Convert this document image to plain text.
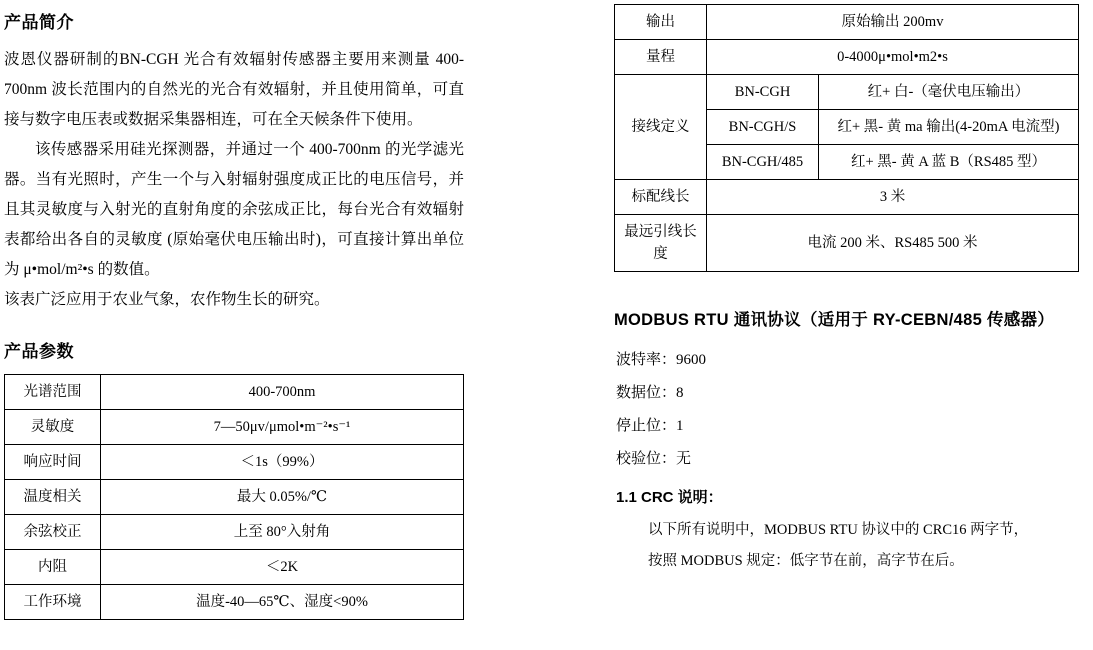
产品简介

波恩仪器研制的BN-CGH 光合有效辐射传感器主要用来测量 400-700nm 波长范围内的自然光的光合有效辐射，并且使用简单，可直接与数字电压表或数据采集器相连，可在全天候条件下使用。

该传感器采用硅光探测器，并通过一个 400-700nm 的光学滤光器。当有光照时，产生一个与入射辐射强度成正比的电压信号，并且其灵敏度与入射光的直射角度的余弦成正比，每台光合有效辐射表都给出各自的灵敏度 (原始毫伏电压输出时)，可直接计算出单位为 μ•mol/m²•s 的数值。

该表广泛应用于农业气象，农作物生长的研究。

产品参数
光谱范围	400-700nm
灵敏度	7—50μv/μmol•m⁻²•s⁻¹
响应时间	＜1s（99%）
温度相关	最大 0.05%/℃
余弦校正	上至 80°入射角
内阻	＜2K
工作环境	温度-40—65℃、湿度<90%
输出	原始输出 200mv	
量程	0-4000μ•mol•m2•s	
接线定义	BN-CGH	红+ 白-（毫伏电压输出）
	BN-CGH/S	红+ 黑- 黄 ma 输出(4-20mA 电流型)
	BN-CGH/485	红+ 黑- 黄 A 蓝 B（RS485 型）
标配线长	3 米	
最远引线长度	电流 200 米、RS485 500 米	
MODBUS RTU 通讯协议（适用于 RY-CEBN/485 传感器）
波特率：9600
数据位：8
停止位：1
校验位：无
1.1 CRC 说明：
以下所有说明中，MODBUS RTU 协议中的 CRC16 两字节，
按照 MODBUS 规定：低字节在前，高字节在后。
